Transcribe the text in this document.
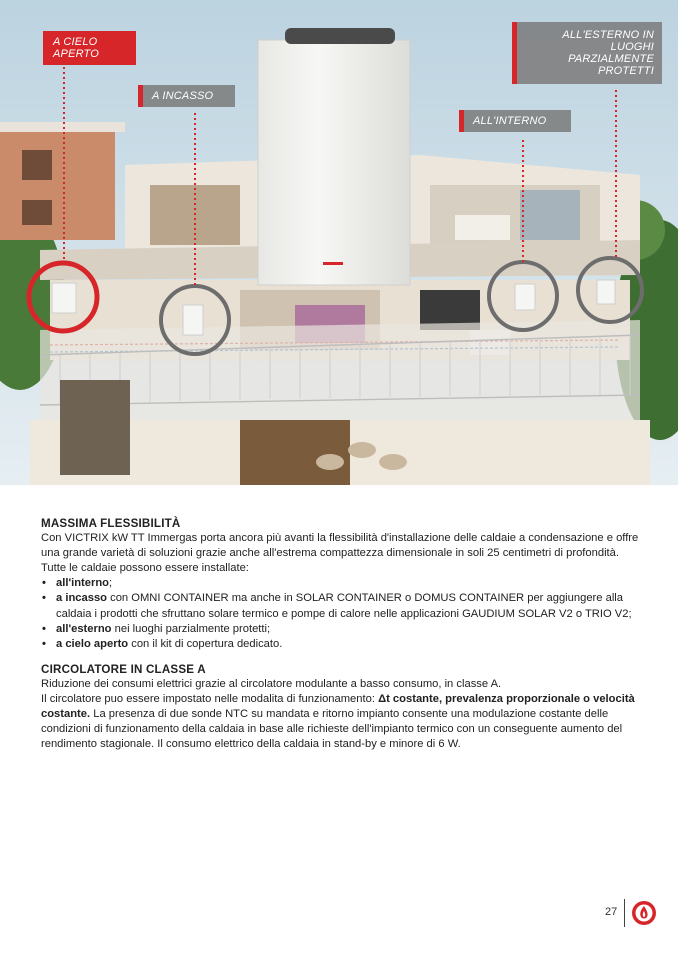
A CIELO APERTO
A INCASSO
ALL'INTERNO
ALL'ESTERNO IN LUOGHI PARZIALMENTE PROTETTI
MASSIMA FLESSIBILITÀ

Con VICTRIX kW TT Immergas porta ancora più avanti la flessibilità d'installazione delle caldaie a condensazione e offre una grande varietà di soluzioni grazie anche all'estrema compattezza dimensionale in soli 25 centimetri di profondità. Tutte le caldaie possono essere installate:

• all'interno;
• a incasso con OMNI CONTAINER ma anche in SOLAR CONTAINER o DOMUS CONTAINER per aggiungere alla caldaia i prodotti che sfruttano solare termico e pompe di calore nelle applicazioni GAUDIUM SOLAR V2 o TRIO V2;
• all'esterno nei luoghi parzialmente protetti;
• a cielo aperto con il kit di copertura dedicato.
CIRCOLATORE IN CLASSE A

Riduzione dei consumi elettrici grazie al circolatore modulante a basso consumo, in classe A.

Il circolatore puo essere impostato nelle modalita di funzionamento: Δt costante, prevalenza proporzionale o velocità costante. La presenza di due sonde NTC su mandata e ritorno impianto consente una modulazione costante delle condizioni di funzionamento della caldaia in base alle richieste dell'impianto termico con un conseguente aumento del rendimento stagionale. Il consumo elettrico della caldaia in stand-by e minore di 6 W.

27
